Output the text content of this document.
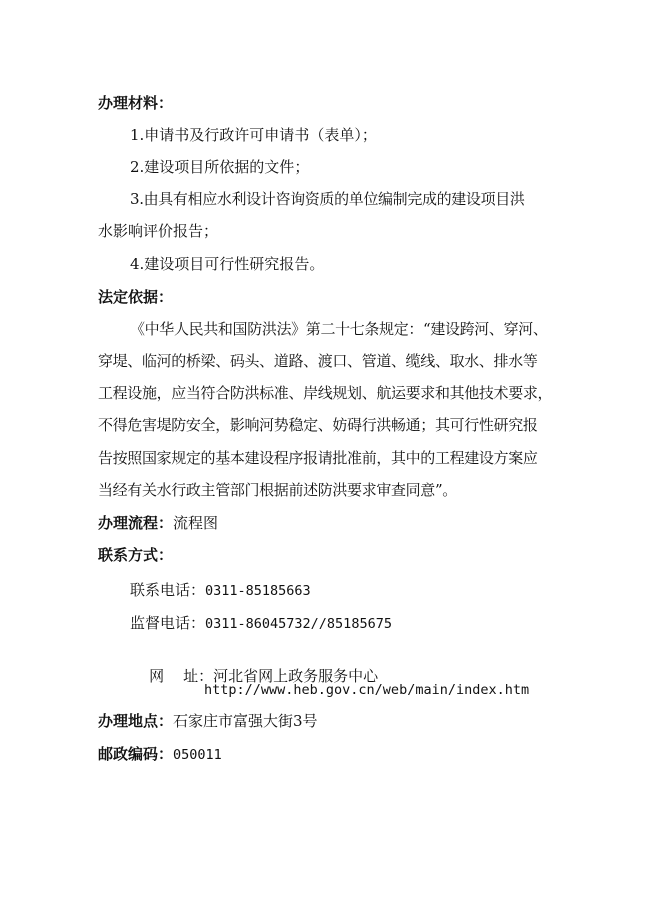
办理材料：
1.申请书及行政许可申请书（表单）；
2.建设项目所依据的文件；
3.由具有相应水利设计咨询资质的单位编制完成的建设项目洪
水影响评价报告；
4.建设项目可行性研究报告。
法定依据：
《中华人民共和国防洪法》第二十七条规定：“建设跨河、穿河、
穿堤、临河的桥梁、码头、道路、渡口、管道、缆线、取水、排水等
工程设施，应当符合防洪标准、岸线规划、航运要求和其他技术要求，
不得危害堤防安全，影响河势稳定、妨碍行洪畅通；其可行性研究报
告按照国家规定的基本建设程序报请批准前，其中的工程建设方案应
当经有关水行政主管部门根据前述防洪要求审查同意”。
办理流程：流程图
联系方式：
联系电话：0311-85185663
监督电话：0311-86045732//85185675

网    址：河北省网上政务服务中心

http://www.heb.gov.cn/web/main/index.htm
办理地点：石家庄市富强大街3号
邮政编码：050011
